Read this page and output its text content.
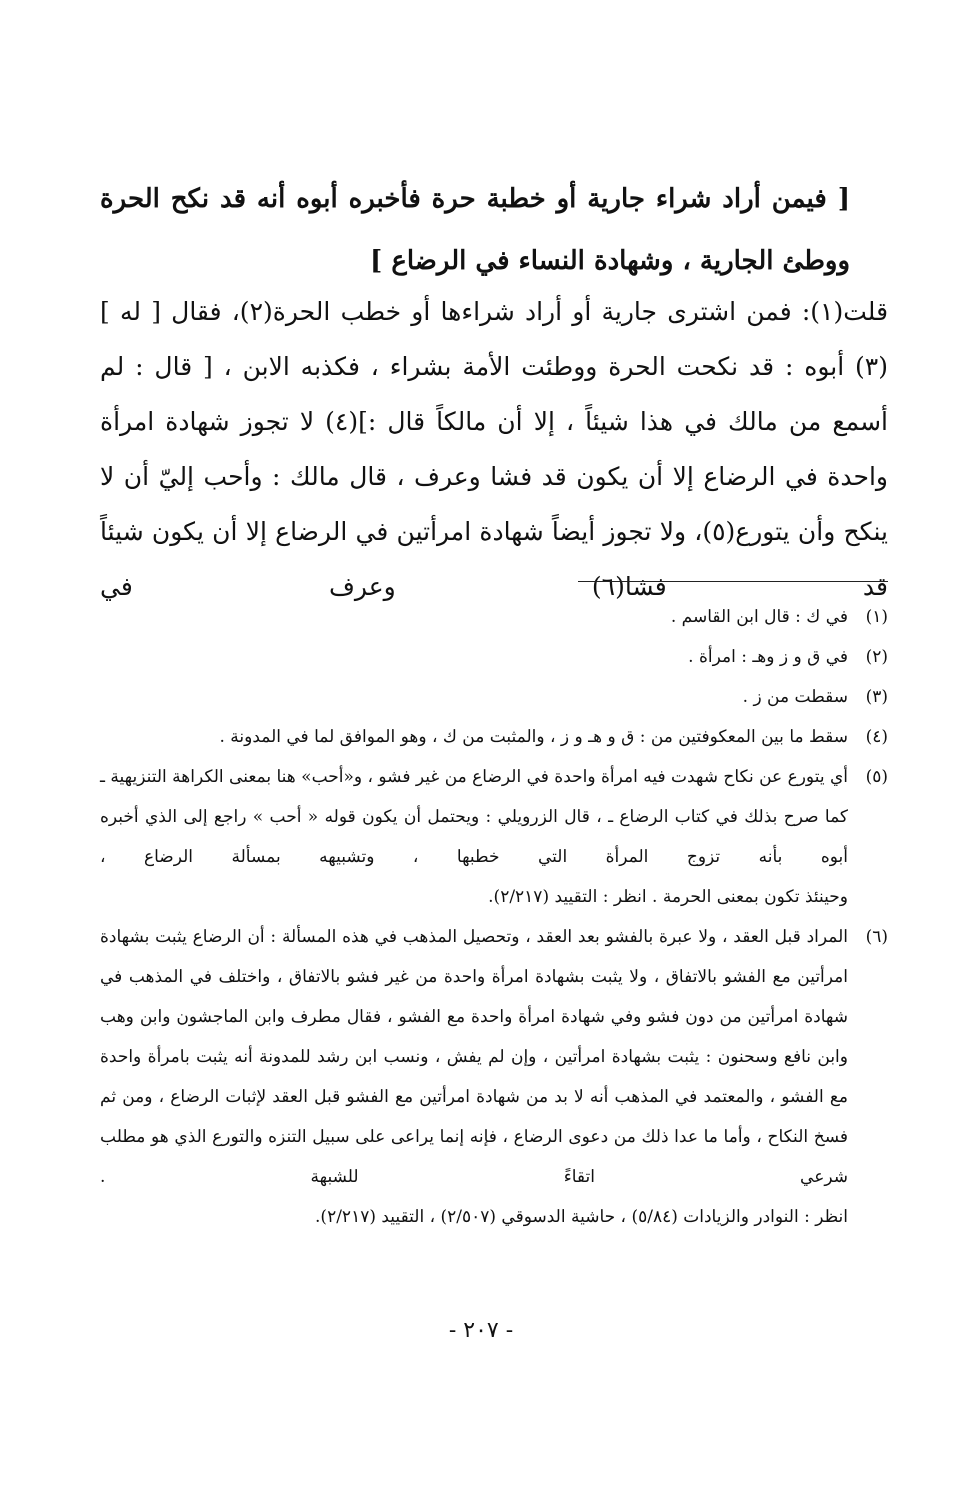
[ فيمن أراد شراء جارية أو خطبة حرة فأخبره أبوه أنه قد نكح الحرة ووطئ الجارية ، وشهادة النساء في الرضاع ]
قلت(١): فمن اشترى جارية أو أراد شراءها أو خطب الحرة(٢)، فقال [ له ](٣) أبوه : قد نكحت الحرة ووطئت الأمة بشراء ، فكذبه الابن ، [ قال : لم أسمع من مالك في هذا شيئاً ، إلا أن مالكاً قال :](٤) لا تجوز شهادة امرأة واحدة في الرضاع إلا أن يكون قد فشا وعرف ، قال مالك : وأحب إليّ أن لا ينكح وأن يتورع(٥)، ولا تجوز أيضاً شهادة امرأتين في الرضاع إلا أن يكون شيئاً قد فشا(٦) وعرف في
(١)
في ك : قال ابن القاسم .
(٢)
في ق و ز وهـ : امرأة .
(٣)
سقطت من ز .
(٤)
سقط ما بين المعكوفتين من : ق و هـ و ز ، والمثبت من ك ، وهو الموافق لما في المدونة .
(٥)
أي يتورع عن نكاح شهدت فيه امرأة واحدة في الرضاع من غير فشو ، و«أحب» هنا بمعنى الكراهة التنزيهية ـ كما صرح بذلك في كتاب الرضاع ـ ، قال الزرويلي : ويحتمل أن يكون قوله « أحب » راجع إلى الذي أخبره أبوه بأنه تزوج المرأة التي خطبها ، وتشبيهه بمسألة الرضاع ،
وحينئذ تكون بمعنى الحرمة . انظر : التقييد (٢/٢١٧).
(٦)
المراد قبل العقد ، ولا عبرة بالفشو بعد العقد ، وتحصيل المذهب في هذه المسألة : أن الرضاع يثبت بشهادة امرأتين مع الفشو بالاتفاق ، ولا يثبت بشهادة امرأة واحدة من غير فشو بالاتفاق ، واختلف في المذهب في شهادة امرأتين من دون فشو وفي شهادة امرأة واحدة مع الفشو ، فقال مطرف وابن الماجشون وابن وهب وابن نافع وسحنون : يثبت بشهادة امرأتين ، وإن لم يفش ، ونسب ابن رشد للمدونة أنه يثبت بامرأة واحدة مع الفشو ، والمعتمد في المذهب أنه لا بد من شهادة امرأتين مع الفشو قبل العقد لإثبات الرضاع ، ومن ثم فسخ النكاح ، وأما ما عدا ذلك من دعوى الرضاع ، فإنه إنما يراعى على سبيل التنزه والتورع الذي هو مطلب شرعي اتقاءً للشبهة .
انظر : النوادر والزيادات (٥/٨٤) ، حاشية الدسوقي (٢/٥٠٧) ، التقييد (٢/٢١٧).
- ٢٠٧ -
